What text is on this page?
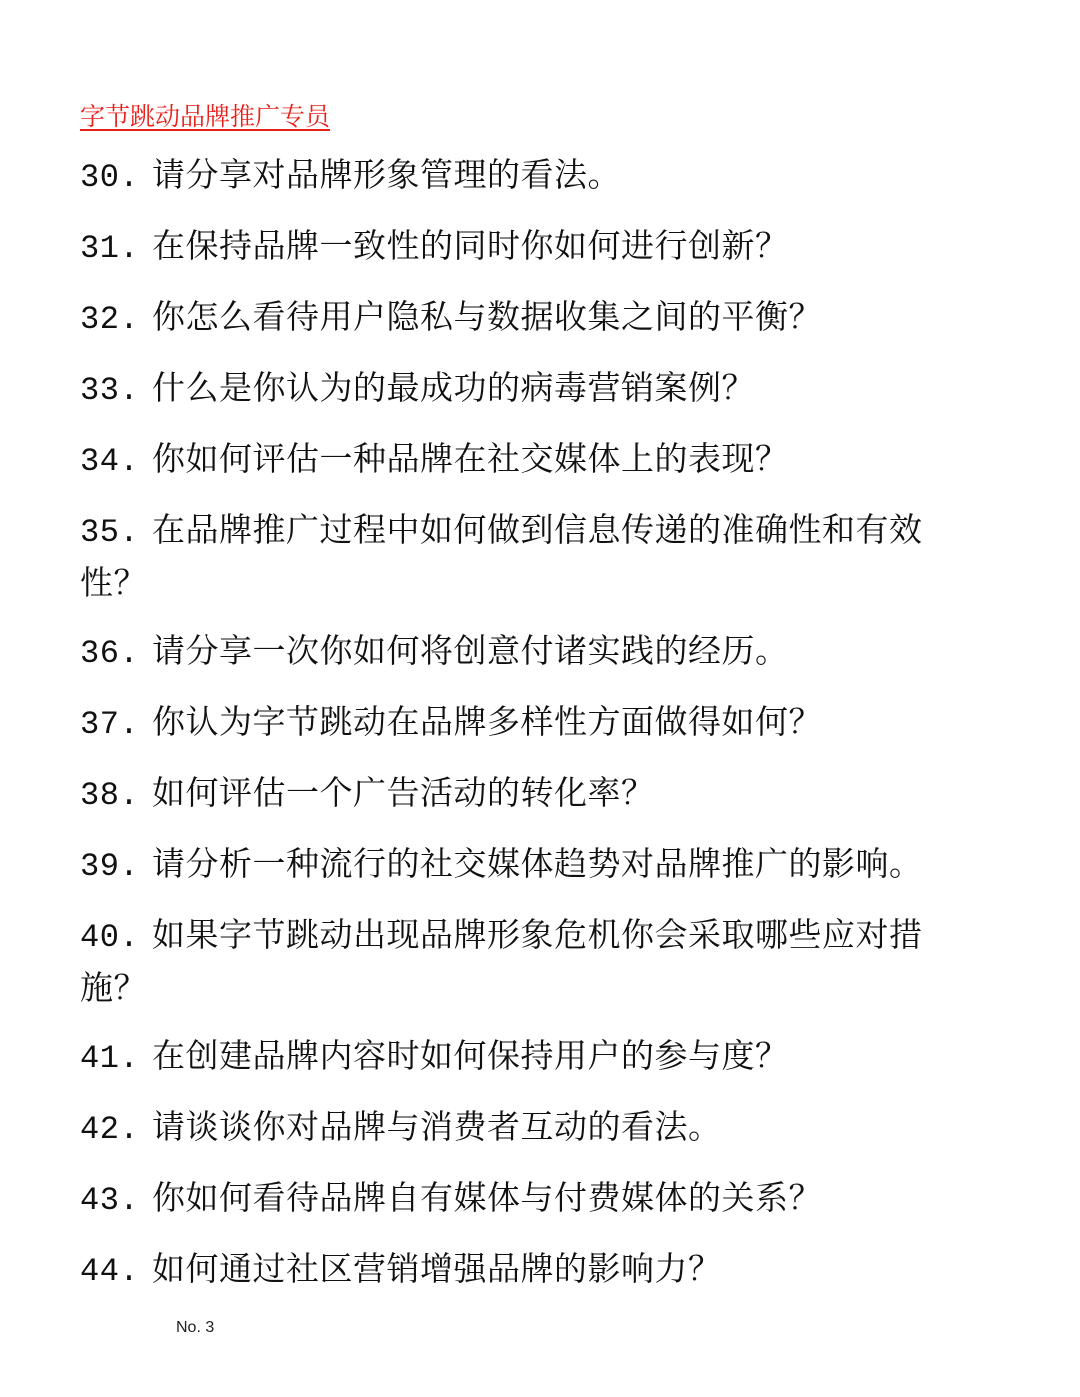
字节跳动品牌推广专员
30. 请分享对品牌形象管理的看法。
31. 在保持品牌一致性的同时你如何进行创新？
32. 你怎么看待用户隐私与数据收集之间的平衡？
33. 什么是你认为的最成功的病毒营销案例？
34. 你如何评估一种品牌在社交媒体上的表现？
35. 在品牌推广过程中如何做到信息传递的准确性和有效性？
36. 请分享一次你如何将创意付诸实践的经历。
37. 你认为字节跳动在品牌多样性方面做得如何？
38. 如何评估一个广告活动的转化率？
39. 请分析一种流行的社交媒体趋势对品牌推广的影响。
40. 如果字节跳动出现品牌形象危机你会采取哪些应对措施？
41. 在创建品牌内容时如何保持用户的参与度？
42. 请谈谈你对品牌与消费者互动的看法。
43. 你如何看待品牌自有媒体与付费媒体的关系？
44. 如何通过社区营销增强品牌的影响力？
No. 3
